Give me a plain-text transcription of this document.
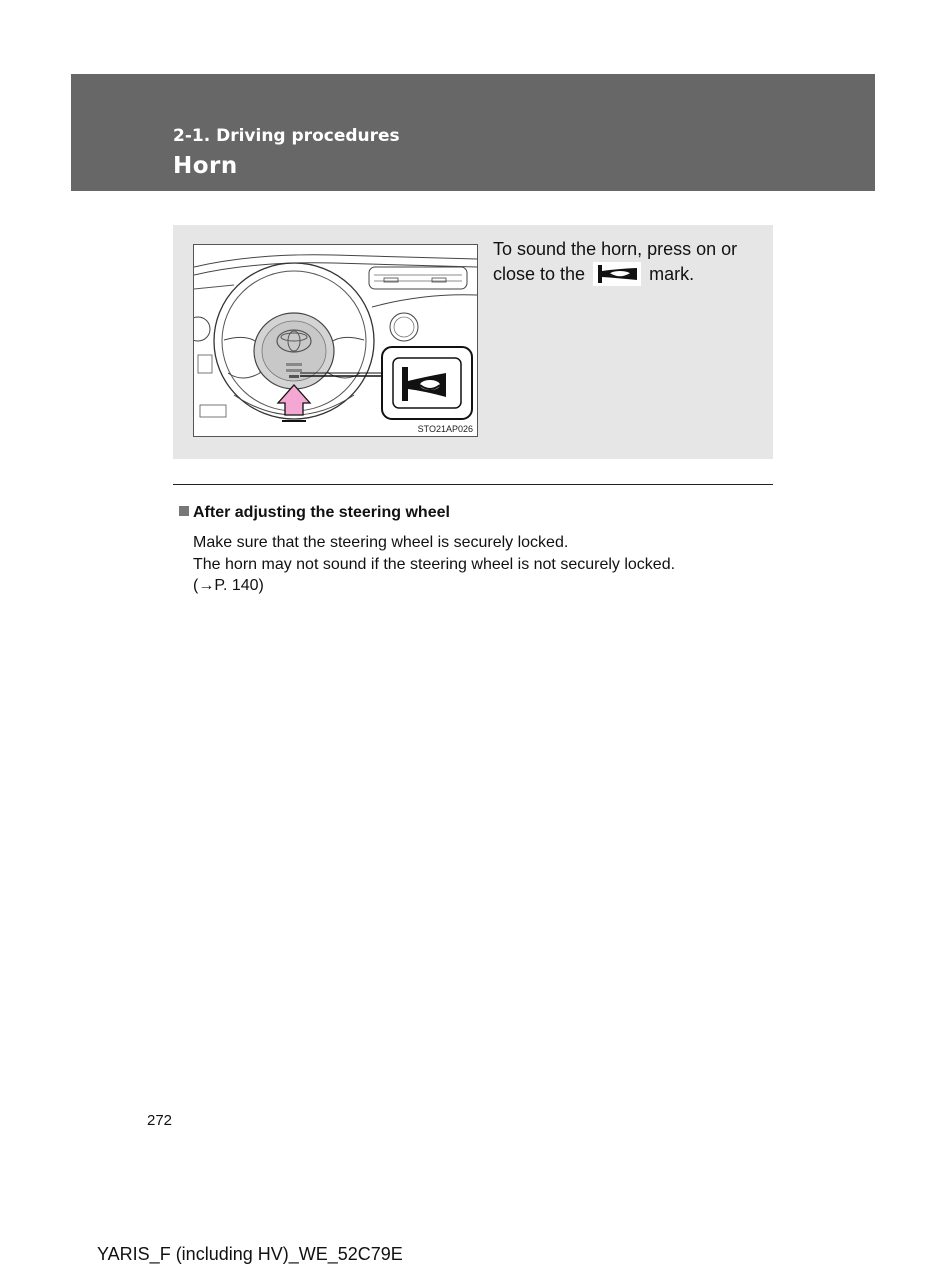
2-1. Driving procedures
Horn
STO21AP026
To sound the horn, press on or close to the	mark.
After adjusting the steering wheel
Make sure that the steering wheel is securely locked.
The horn may not sound if the steering wheel is not securely locked.
(→P. 140)
272
YARIS_F (including HV)_WE_52C79E
